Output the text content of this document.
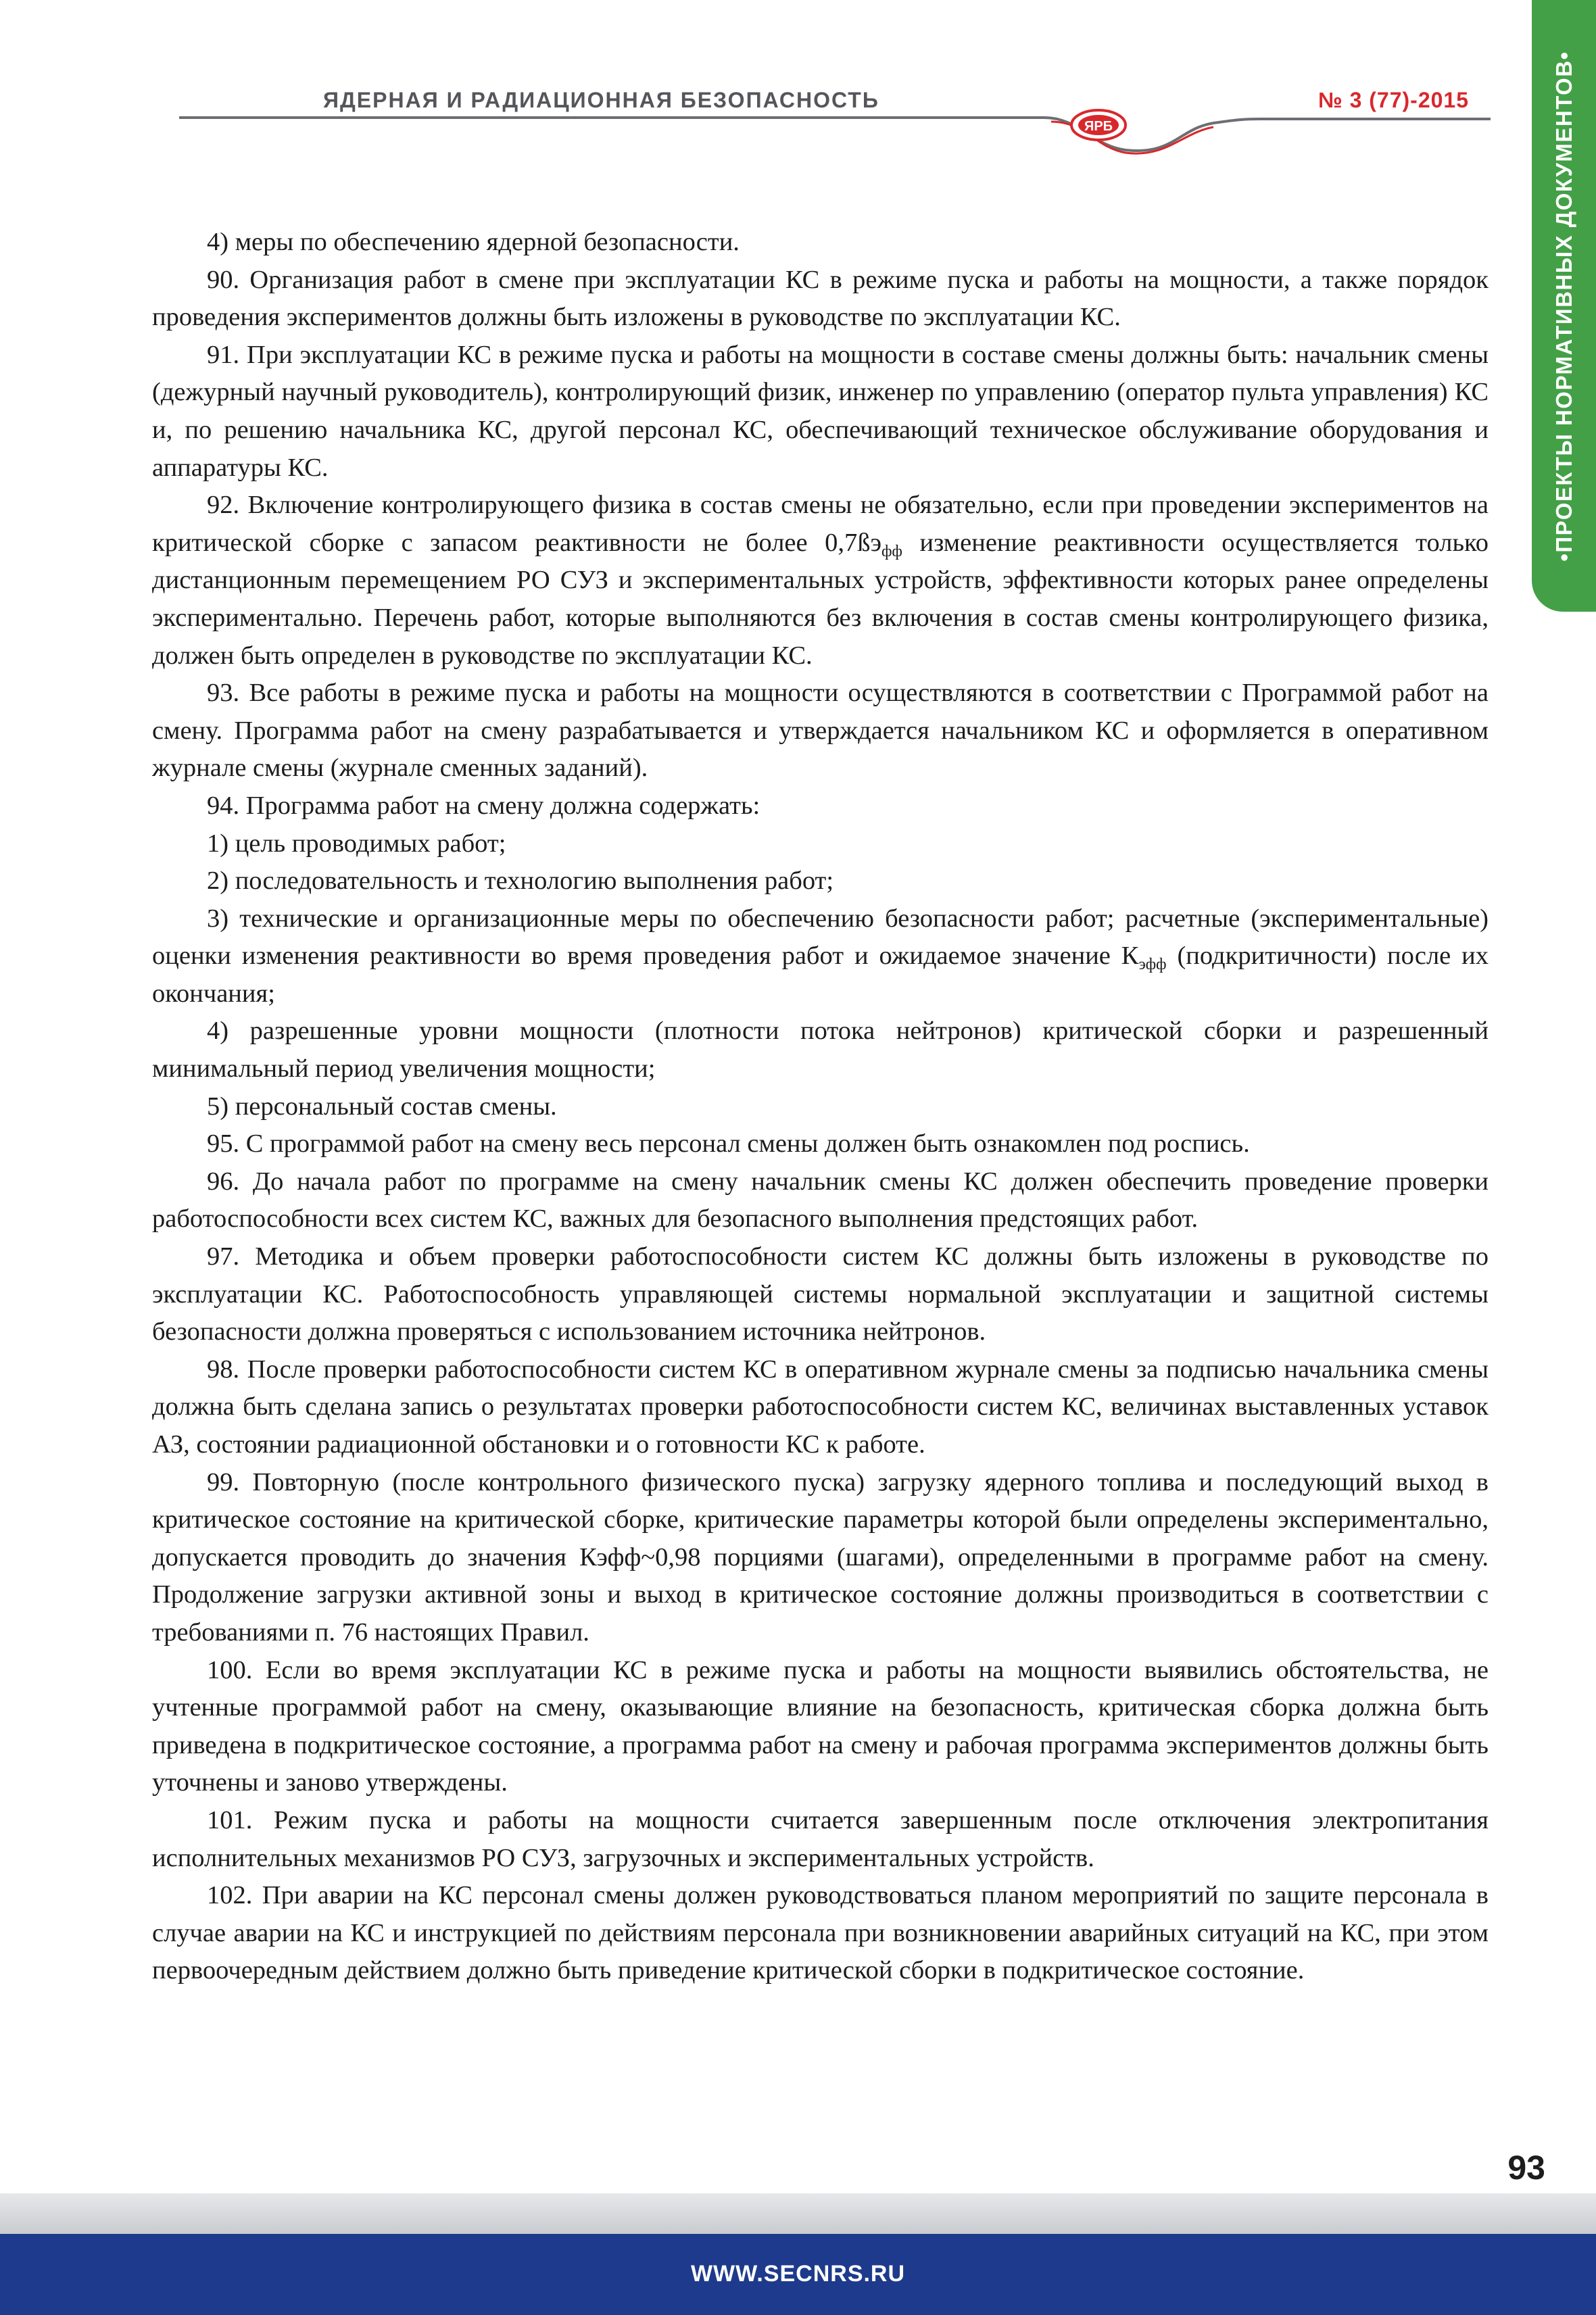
ЯДЕРНАЯ И РАДИАЦИОННАЯ БЕЗОПАСНОСТЬ
ЯРБ
№ 3 (77)-2015	•ПРОЕКТЫ НОРМАТИВНЫХ ДОКУМЕНТОВ•

4) меры по обеспечению ядерной безопасности.

90. Организация работ в смене при эксплуатации КС в режиме пуска и работы на мощности, а также порядок проведения экспериментов должны быть изложены в руководстве по эксплуатации КС.

91. При эксплуатации КС в режиме пуска и работы на мощности в составе смены должны быть: начальник смены (дежурный научный руководитель), контролирующий физик, инженер по управлению (оператор пульта управления) КС и, по решению начальника КС, другой персонал КС, обеспечивающий техническое обслуживание оборудования и аппаратуры КС.

92. Включение контролирующего физика в состав смены не обязательно, если при проведении экспериментов на критической сборке с запасом реактивности не более $0,7ßэ_{фф}$ изменение реактивности осуществляется только дистанционным перемещением РО СУЗ и экспериментальных устройств, эффективности которых ранее определены экспериментально. Перечень работ, которые выполняются без включения в состав смены контролирующего физика, должен быть определен в руководстве по эксплуатации КС.

93. Все работы в режиме пуска и работы на мощности осуществляются в соответствии с Программой работ на смену. Программа работ на смену разрабатывается и утверждается начальником КС и оформляется в оперативном журнале смены (журнале сменных заданий).

94. Программа работ на смену должна содержать:

1) цель проводимых работ;

2) последовательность и технологию выполнения работ;

3) технические и организационные меры по обеспечению безопасности работ; расчетные (экспериментальные) оценки изменения реактивности во время проведения работ и ожидаемое значение $К_{эфф}$ (подкритичности) после их окончания;

4) разрешенные уровни мощности (плотности потока нейтронов) критической сборки и разрешенный минимальный период увеличения мощности;

5) персональный состав смены.

95. С программой работ на смену весь персонал смены должен быть ознакомлен под роспись.

96. До начала работ по программе на смену начальник смены КС должен обеспечить проведение проверки работоспособности всех систем КС, важных для безопасного выполнения предстоящих работ.

97. Методика и объем проверки работоспособности систем КС должны быть изложены в руководстве по эксплуатации КС. Работоспособность управляющей системы нормальной эксплуатации и защитной системы безопасности должна проверяться с использованием источника нейтронов.

98. После проверки работоспособности систем КС в оперативном журнале смены за подписью начальника смены должна быть сделана запись о результатах проверки работоспособности систем КС, величинах выставленных уставок АЗ, состоянии радиационной обстановки и о готовности КС к работе.

99. Повторную (после контрольного физического пуска) загрузку ядерного топлива и последующий выход в критическое состояние на критической сборке, критические параметры которой были определены экспериментально, допускается проводить до значения Кэфф~0,98 порциями (шагами), определенными в программе работ на смену. Продолжение загрузки активной зоны и выход в критическое состояние должны производиться в соответствии с требованиями п. 76 настоящих Правил.

100. Если во время эксплуатации КС в режиме пуска и работы на мощности выявились обстоятельства, не учтенные программой работ на смену, оказывающие влияние на безопасность, критическая сборка должна быть приведена в подкритическое состояние, а программа работ на смену и рабочая программа экспериментов должны быть уточнены и заново утверждены.

101. Режим пуска и работы на мощности считается завершенным после отключения электропитания исполнительных механизмов РО СУЗ, загрузочных и экспериментальных устройств.

102. При аварии на КС персонал смены должен руководствоваться планом мероприятий по защите персонала в случае аварии на КС и инструкцией по действиям персонала при возникновении аварийных ситуаций на КС, при этом первоочередным действием должно быть приведение критической сборки в подкритическое состояние.

93
WWW.SECNRS.RU
